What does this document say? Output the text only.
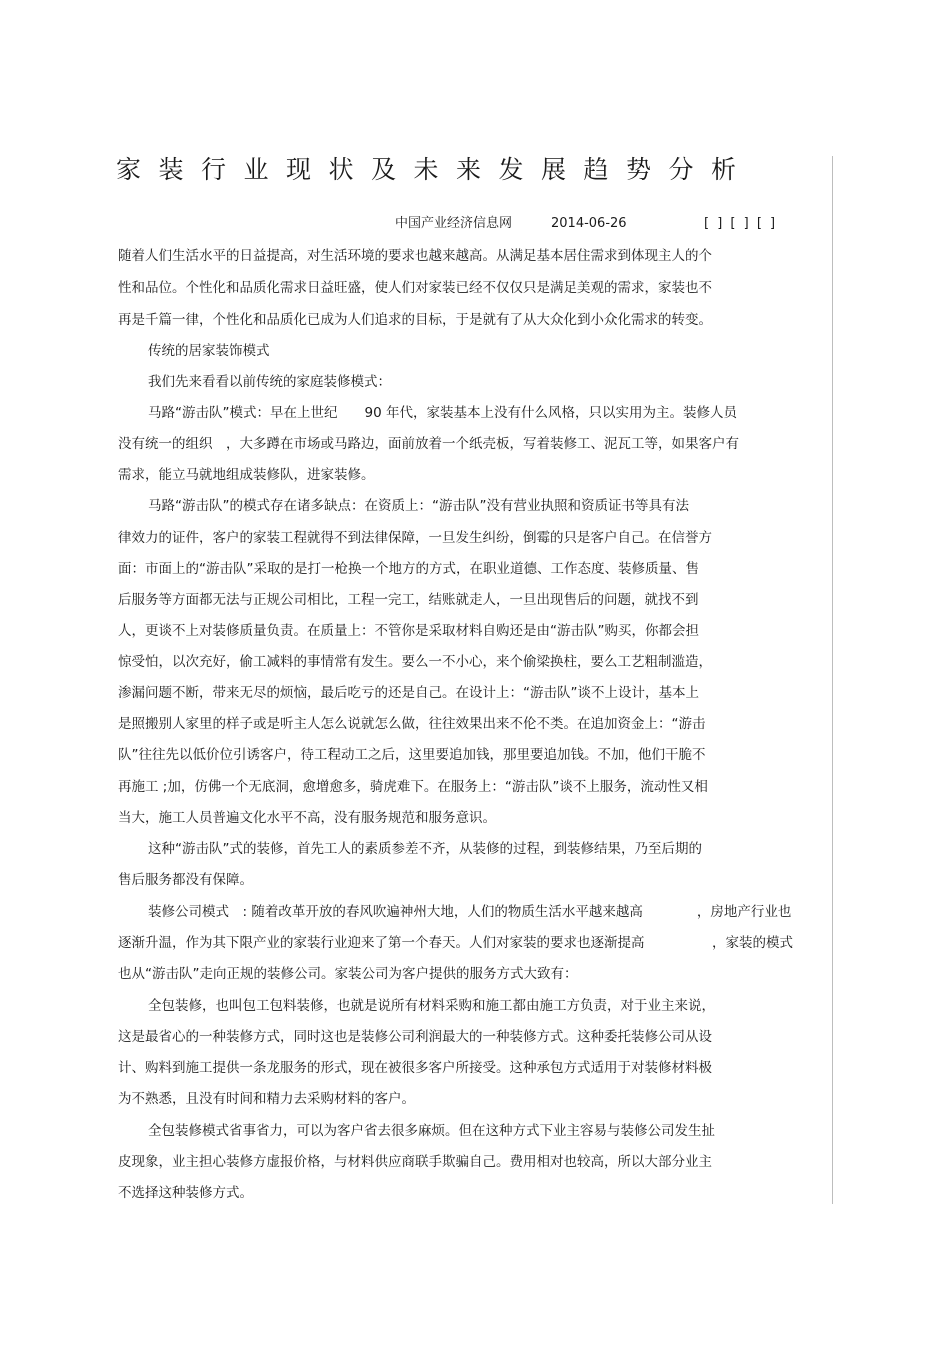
家装行业现状及未来发展趋势分析
中国产业经济信息网	2014-06-26	[ ] [ ] [ ]
随着人们生活水平的日益提高，对生活环境的要求也越来越高。从满足基本居住需求到体现主人的个
性和品位。个性化和品质化需求日益旺盛，使人们对家装已经不仅仅只是满足美观的需求，家装也不
再是千篇一律，个性化和品质化已成为人们追求的目标，于是就有了从大众化到小众化需求的转变。
传统的居家装饰模式
我们先来看看以前传统的家庭装修模式：
马路“游击队”模式：早在上世纪　　90 年代，家装基本上没有什么风格，只以实用为主。装修人员
没有统一的组织　，大多蹲在市场或马路边，面前放着一个纸壳板，写着装修工、泥瓦工等，如果客户有
需求，能立马就地组成装修队，进家装修。
马路“游击队”的模式存在诸多缺点：在资质上：“游击队”没有营业执照和资质证书等具有法
律效力的证件，客户的家装工程就得不到法律保障，一旦发生纠纷，倒霉的只是客户自己。在信誉方
面：市面上的“游击队”采取的是打一枪换一个地方的方式，在职业道德、工作态度、装修质量、售
后服务等方面都无法与正规公司相比，工程一完工，结账就走人，一旦出现售后的问题，就找不到
人，更谈不上对装修质量负责。在质量上：不管你是采取材料自购还是由“游击队”购买，你都会担
惊受怕，以次充好，偷工减料的事情常有发生。要么一不小心，来个偷梁换柱，要么工艺粗制滥造，
渗漏问题不断，带来无尽的烦恼，最后吃亏的还是自己。在设计上：“游击队”谈不上设计，基本上
是照搬别人家里的样子或是听主人怎么说就怎么做，往往效果出来不伦不类。在追加资金上：“游击
队”往往先以低价位引诱客户，待工程动工之后，这里要追加钱，那里要追加钱。不加，他们干脆不
再施工 ;加，仿佛一个无底洞，愈增愈多，骑虎难下。在服务上：“游击队”谈不上服务，流动性又相
当大，施工人员普遍文化水平不高，没有服务规范和服务意识。
这种“游击队”式的装修，首先工人的素质参差不齐，从装修的过程，到装修结果，乃至后期的
售后服务都没有保障。
装修公司模式　: 随着改革开放的春风吹遍神州大地，人们的物质生活水平越来越高　　　　，房地产行业也
逐渐升温，作为其下限产业的家装行业迎来了第一个春天。人们对家装的要求也逐渐提高　　　　　，家装的模式
也从“游击队”走向正规的装修公司。家装公司为客户提供的服务方式大致有：
全包装修，也叫包工包料装修，也就是说所有材料采购和施工都由施工方负责，对于业主来说，
这是最省心的一种装修方式，同时这也是装修公司利润最大的一种装修方式。这种委托装修公司从设
计、购料到施工提供一条龙服务的形式，现在被很多客户所接受。这种承包方式适用于对装修材料极
为不熟悉，且没有时间和精力去采购材料的客户。
全包装修模式省事省力，可以为客户省去很多麻烦。但在这种方式下业主容易与装修公司发生扯
皮现象，业主担心装修方虚报价格，与材料供应商联手欺骗自己。费用相对也较高，所以大部分业主
不选择这种装修方式。
